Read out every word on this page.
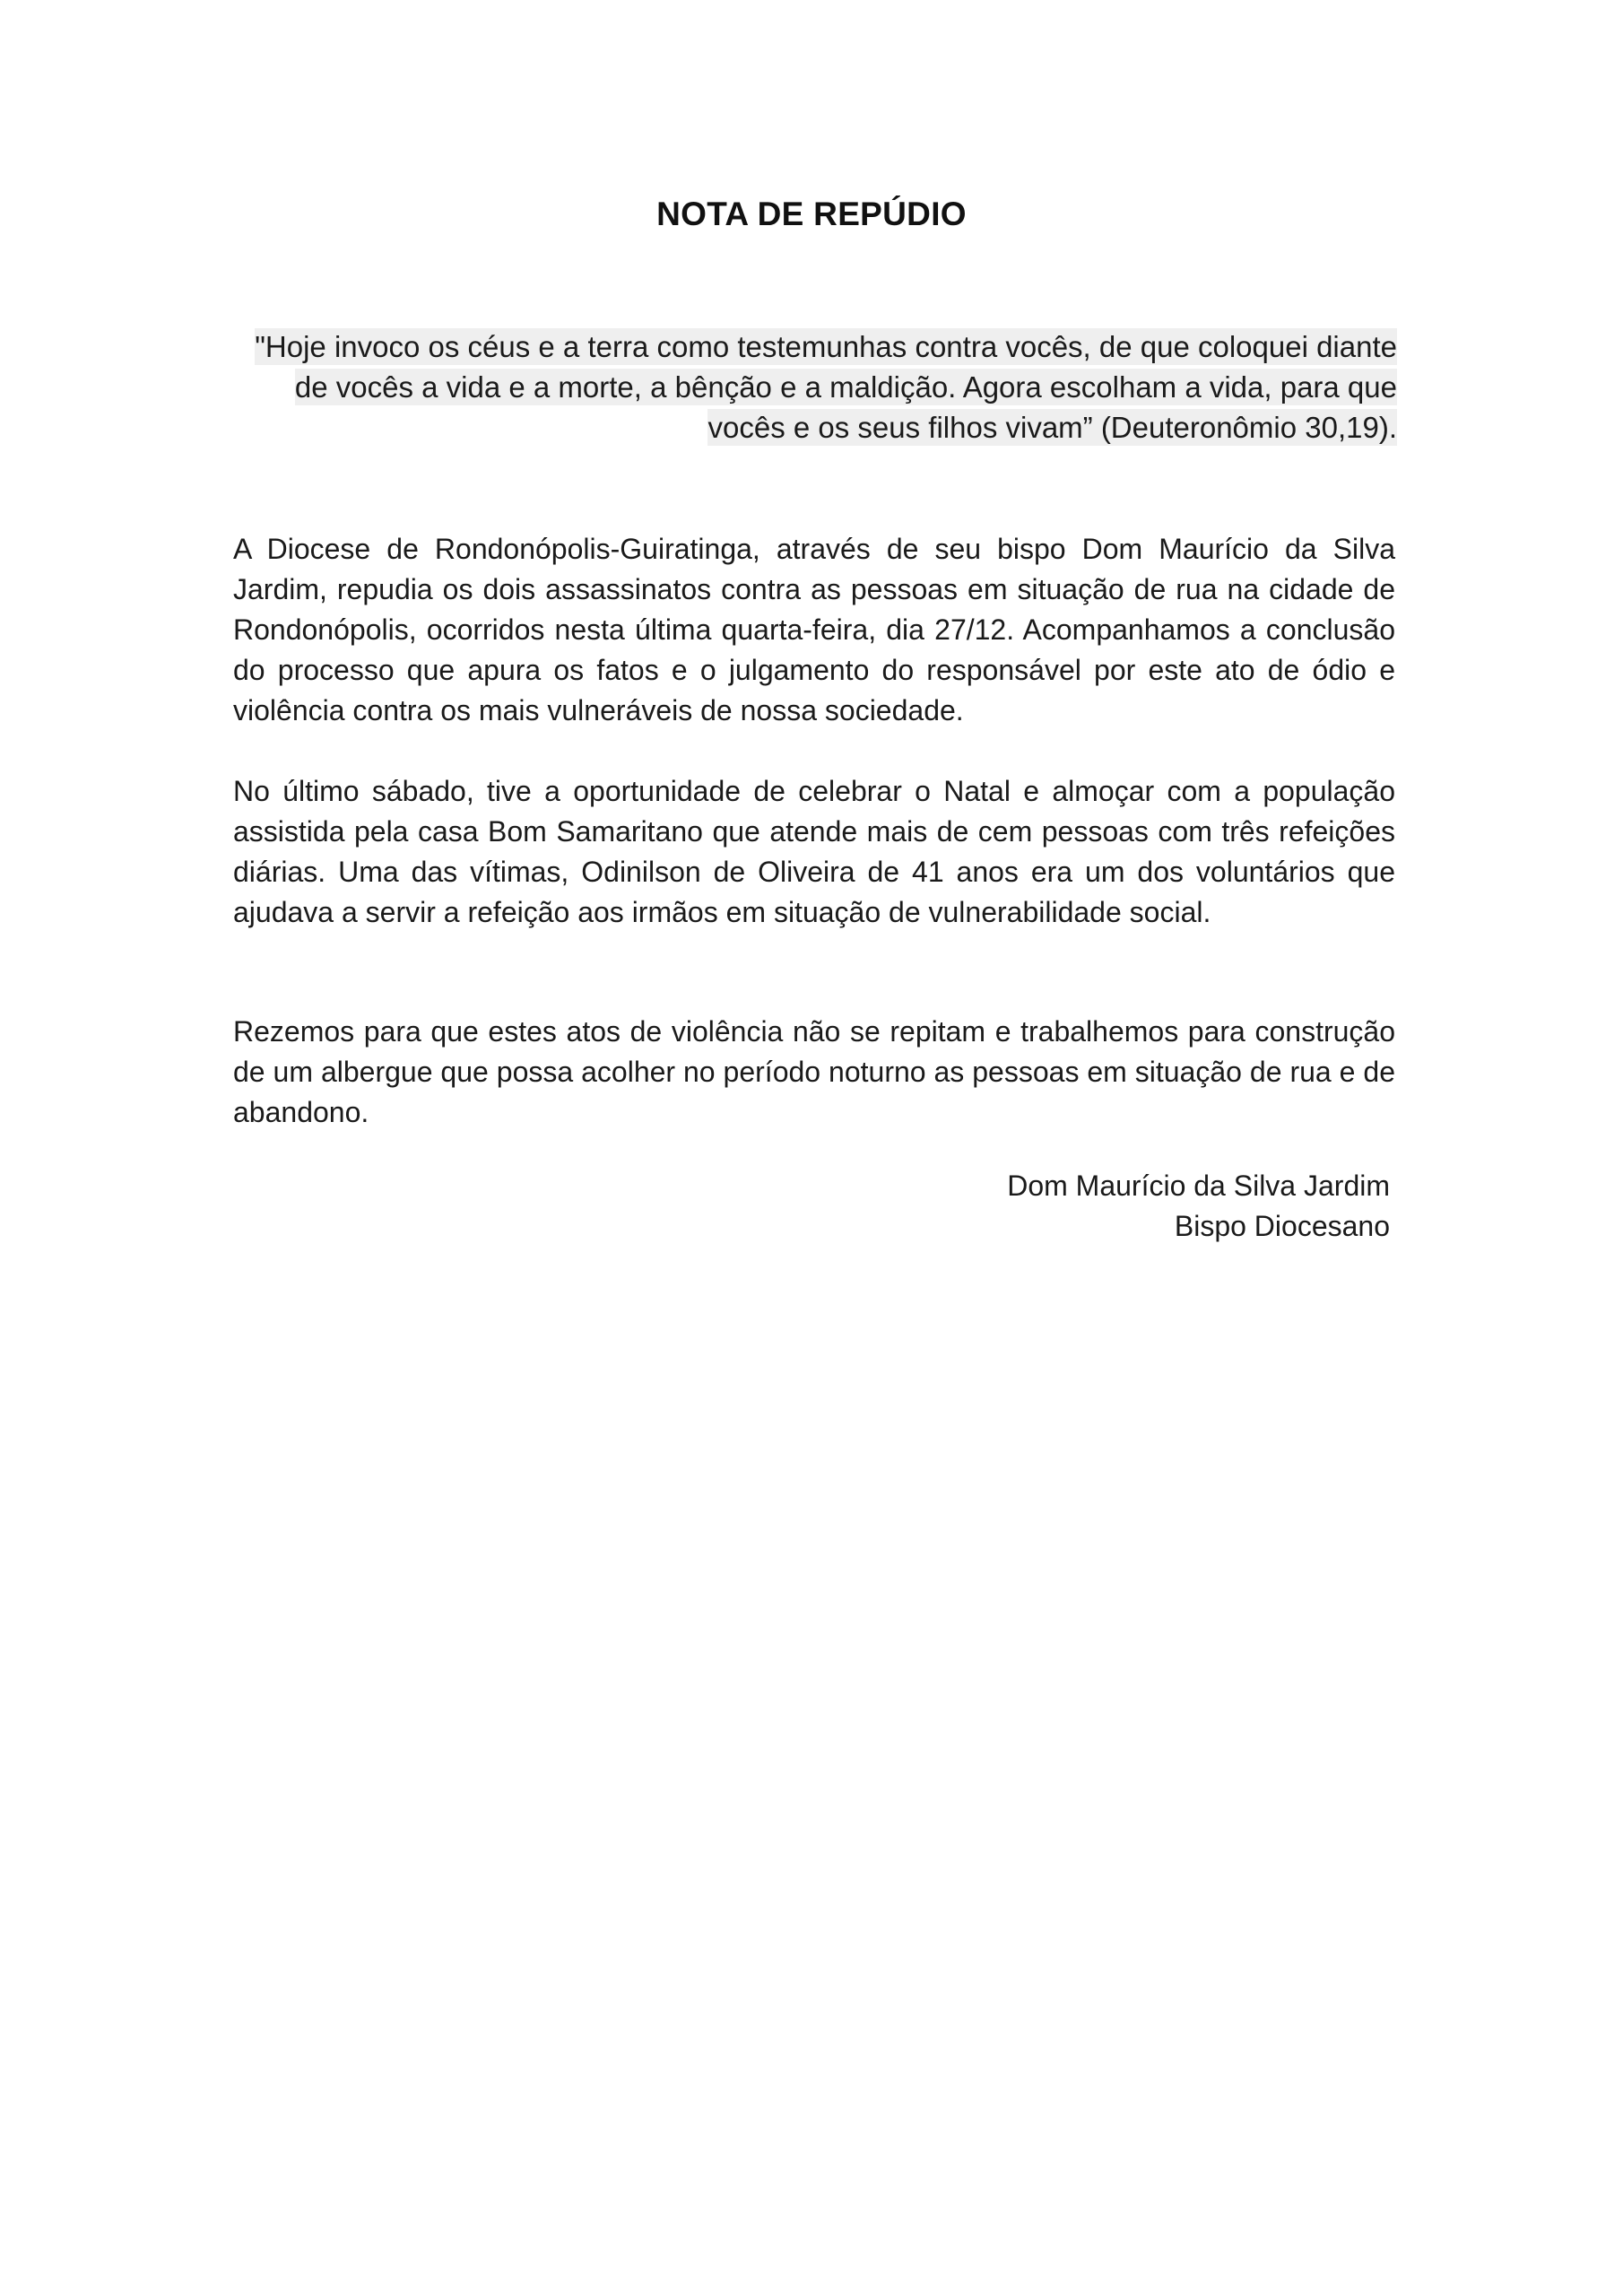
NOTA DE REPÚDIO
"Hoje invoco os céus e a terra como testemunhas contra vocês, de que coloquei diante de vocês a vida e a morte, a bênção e a maldição. Agora escolham a vida, para que vocês e os seus filhos vivam” (Deuteronômio 30,19).

A Diocese de Rondonópolis-Guiratinga, através de seu bispo Dom Maurício da Silva Jardim, repudia os dois assassinatos contra as pessoas em situação de rua na cidade de Rondonópolis, ocorridos nesta última quarta-feira, dia 27/12. Acompanhamos a conclusão do processo que apura os fatos e o julgamento do responsável por este ato de ódio e violência contra os mais vulneráveis de nossa sociedade.

No último sábado, tive a oportunidade de celebrar o Natal e almoçar com a população assistida pela casa Bom Samaritano que atende mais de cem pessoas com três refeições diárias. Uma das vítimas, Odinilson de Oliveira de 41 anos era um dos voluntários que ajudava a servir a refeição aos irmãos em situação de vulnerabilidade social.

Rezemos para que estes atos de violência não se repitam e trabalhemos para construção de um albergue que possa acolher no período noturno as pessoas em situação de rua e de abandono.

Dom Maurício da Silva Jardim
Bispo Diocesano
